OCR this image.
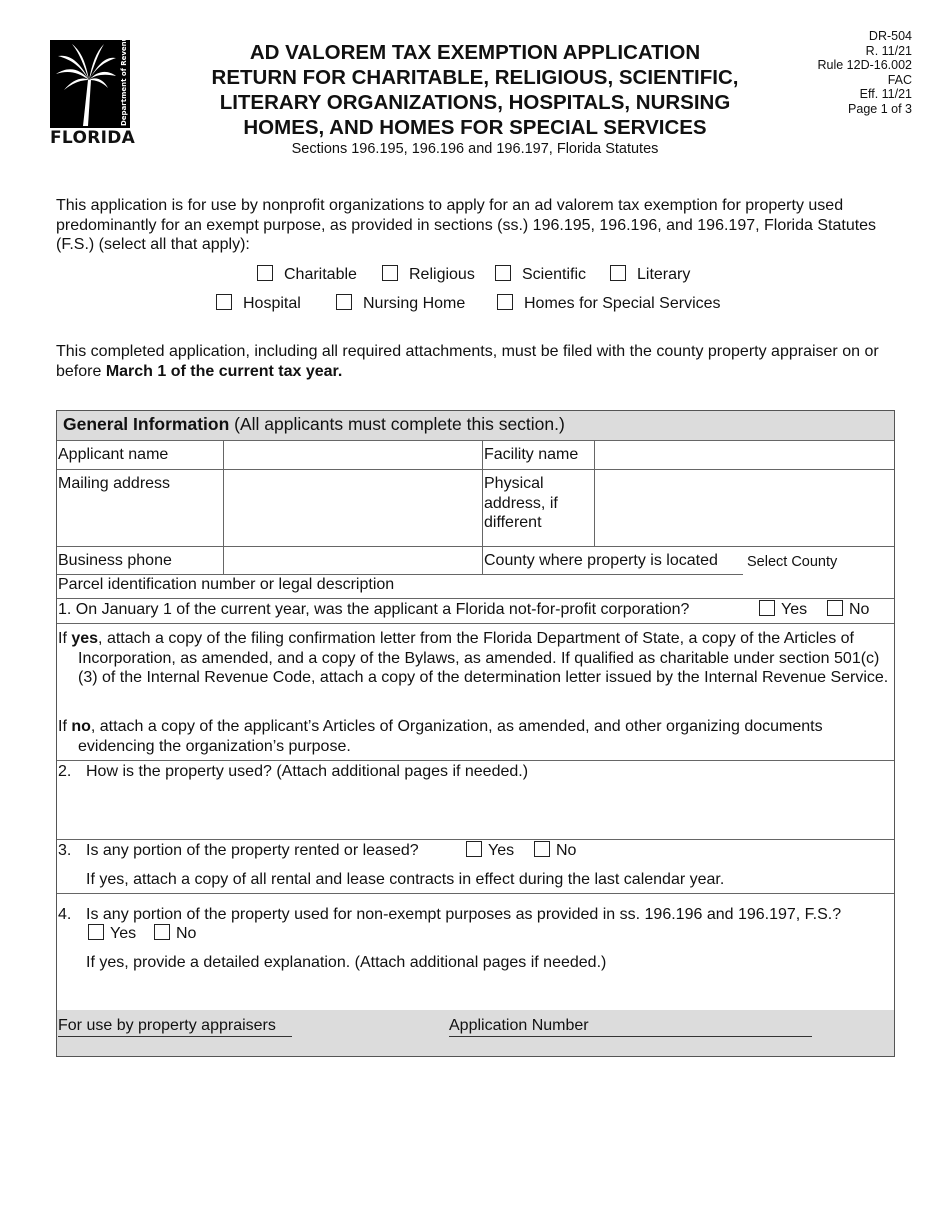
Department of Revenue
FLORIDA

AD VALOREM TAX EXEMPTION APPLICATION

RETURN FOR CHARITABLE, RELIGIOUS, SCIENTIFIC,

LITERARY ORGANIZATIONS, HOSPITALS, NURSING

HOMES, AND HOMES FOR SPECIAL SERVICES

Sections 196.195, 196.196 and 196.197, Florida Statutes
DR-504
R. 11/21
Rule 12D-16.002
FAC
Eff. 11/21
Page 1 of 3
This application is for use by nonprofit organizations to apply for an ad valorem tax exemption for property used predominantly for an exempt purpose, as provided in sections (ss.) 196.195, 196.196, and 196.197, Florida Statutes (F.S.) (select all that apply):
Charitable	Religious	Scientific	Literary
Hospital	Nursing Home	Homes for Special Services
This completed application, including all required attachments, must be filed with the county property appraiser on or before March 1 of the current tax year.
General Information (All applicants must complete this section.)
Applicant name	Facility name
Mailing address	Physical address, if different
Business phone	County where property is located Select County
Parcel identification number or legal description
1. On January 1 of the current year, was the applicant a Florida not-for-profit corporation?	Yes	No
If yes, attach a copy of the filing confirmation letter from the Florida Department of State, a copy of the Articles of Incorporation, as amended, and a copy of the Bylaws, as amended. If qualified as charitable under section 501(c)(3) of the Internal Revenue Code, attach a copy of the determination letter issued by the Internal Revenue Service.
If no, attach a copy of the applicant’s Articles of Organization, as amended, and other organizing documents evidencing the organization’s purpose.
2. How is the property used? (Attach additional pages if needed.)
3. Is any portion of the property rented or leased?	Yes	No
If yes, attach a copy of all rental and lease contracts in effect during the last calendar year.
4. Is any portion of the property used for non-exempt purposes as provided in ss. 196.196 and 196.197, F.S.?
Yes	No
If yes, provide a detailed explanation. (Attach additional pages if needed.)
For use by property appraisers	Application Number
